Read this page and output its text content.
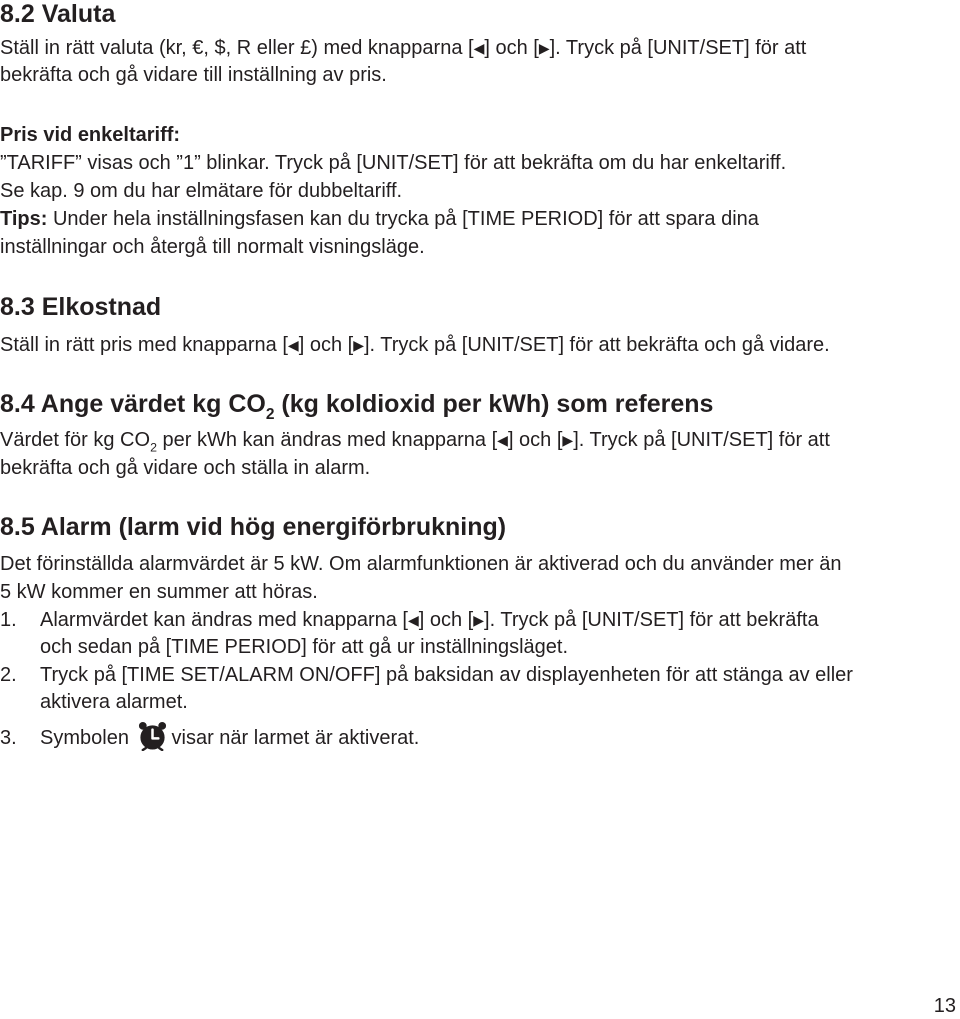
8.2 Valuta
Ställ in rätt valuta (kr, €, $, R eller £) med knapparna [◀] och [▶]. Tryck på [UNIT/SET] för att
bekräfta och gå vidare till inställning av pris.
Pris vid enkeltariff:
”TARIFF” visas och ”1” blinkar. Tryck på [UNIT/SET] för att bekräfta om du har enkeltariff.
Se kap. 9 om du har elmätare för dubbeltariff.
Tips: Under hela inställningsfasen kan du trycka på [TIME PERIOD] för att spara dina
inställningar och återgå till normalt visningsläge.
8.3 Elkostnad
Ställ in rätt pris med knapparna [◀] och [▶]. Tryck på [UNIT/SET] för att bekräfta och gå vidare.
8.4 Ange värdet kg $CO_2$ (kg koldioxid per kWh) som referens
Värdet för kg $CO_2$ per kWh kan ändras med knapparna [◀] och [▶]. Tryck på [UNIT/SET] för att
bekräfta och gå vidare och ställa in alarm.
8.5 Alarm (larm vid hög energiförbrukning)
Det förinställda alarmvärdet är 5 kW. Om alarmfunktionen är aktiverad och du använder mer än
5 kW kommer en summer att höras.
1. Alarmvärdet kan ändras med knapparna [◀] och [▶]. Tryck på [UNIT/SET] för att bekräfta
och sedan på [TIME PERIOD] för att gå ur inställningsläget.
2. Tryck på [TIME SET/ALARM ON/OFF] på baksidan av displayenheten för att stänga av eller
aktivera alarmet.
3. Symbolen visar när larmet är aktiverat.
13
